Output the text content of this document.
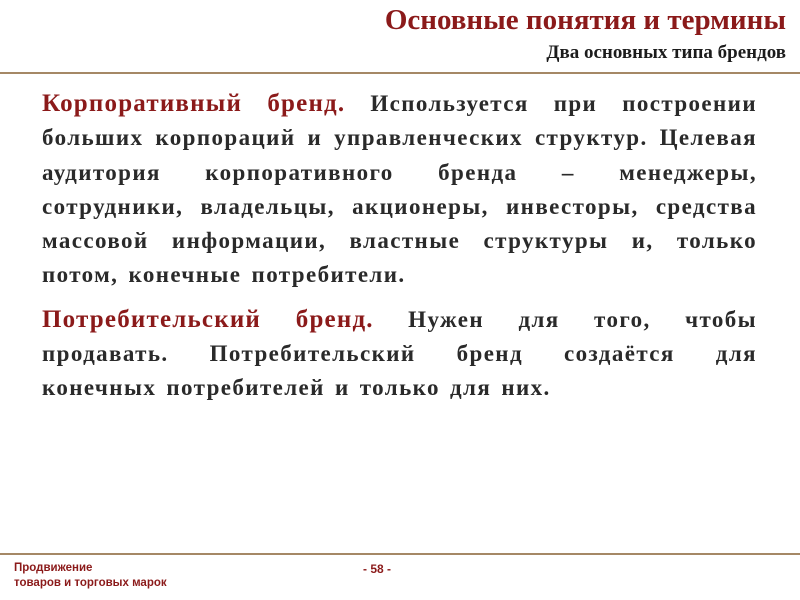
Основные понятия и термины
Два основных типа брендов

Корпоративный бренд. Используется при построении больших корпораций и управленческих структур. Целевая аудитория корпоративного бренда – менеджеры, сотрудники, владельцы, акционеры, инвесторы, средства массовой информации, властные структуры и, только потом, конечные потребители.

Потребительский бренд. Нужен для того, чтобы продавать. Потребительский бренд создаётся для конечных потребителей и только для них.

Продвижение
товаров и торговых марок
- 58 -
